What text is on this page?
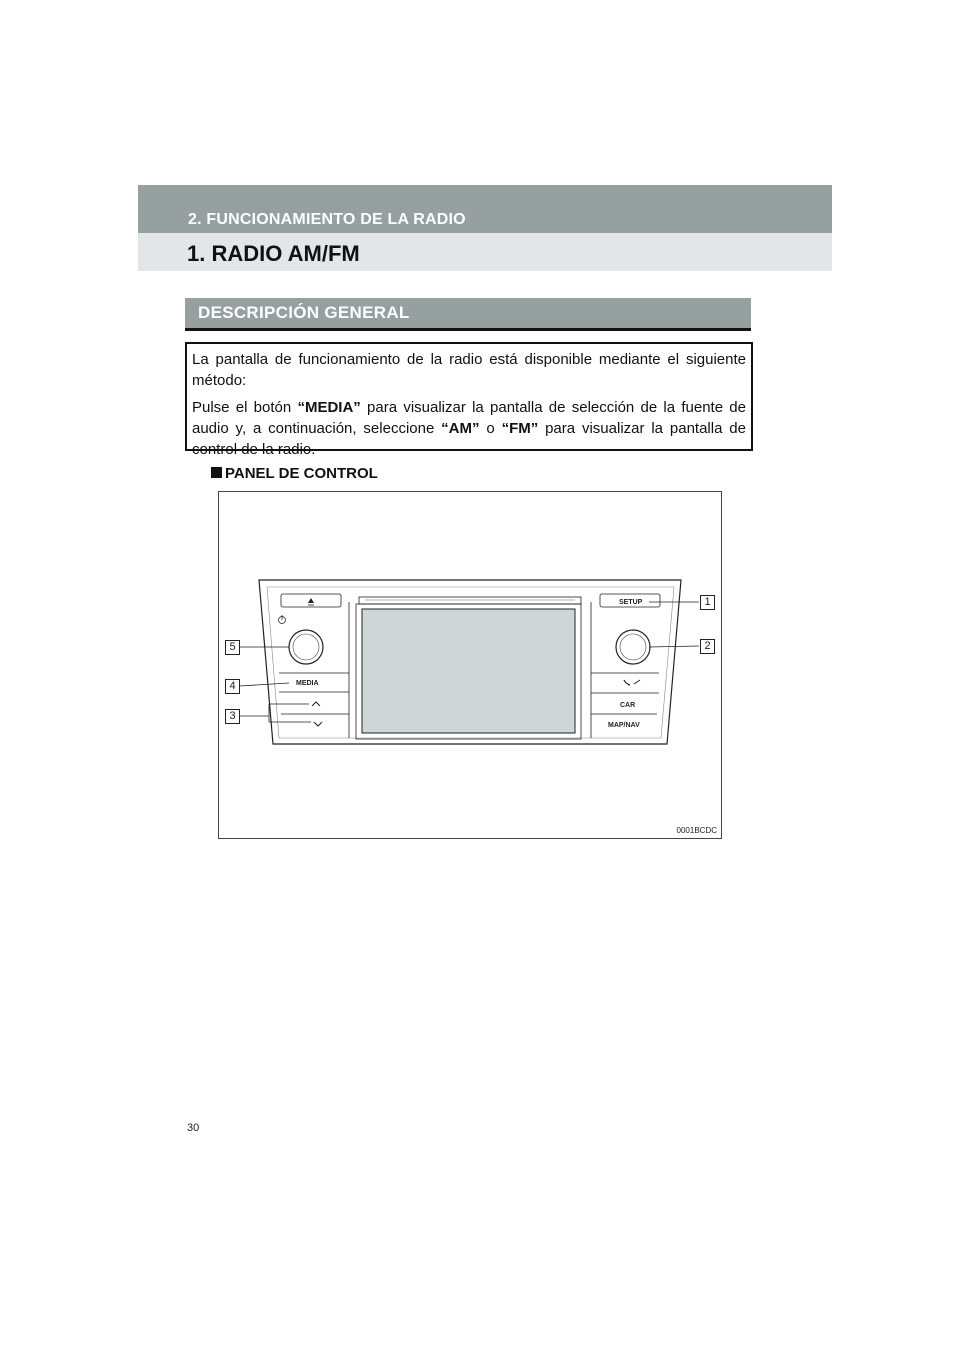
2. FUNCIONAMIENTO DE LA RADIO
1. RADIO AM/FM
DESCRIPCIÓN GENERAL

La pantalla de funcionamiento de la radio está disponible mediante el siguiente método:

Pulse el botón “MEDIA” para visualizar la pantalla de selección de la fuente de audio y, a continuación, seleccione “AM” o “FM” para visualizar la pantalla de control de la radio.

PANEL DE CONTROL
SETUP
MEDIA
CAR
MAP/NAV
1
2
3
4
5
0001BCDC
30
